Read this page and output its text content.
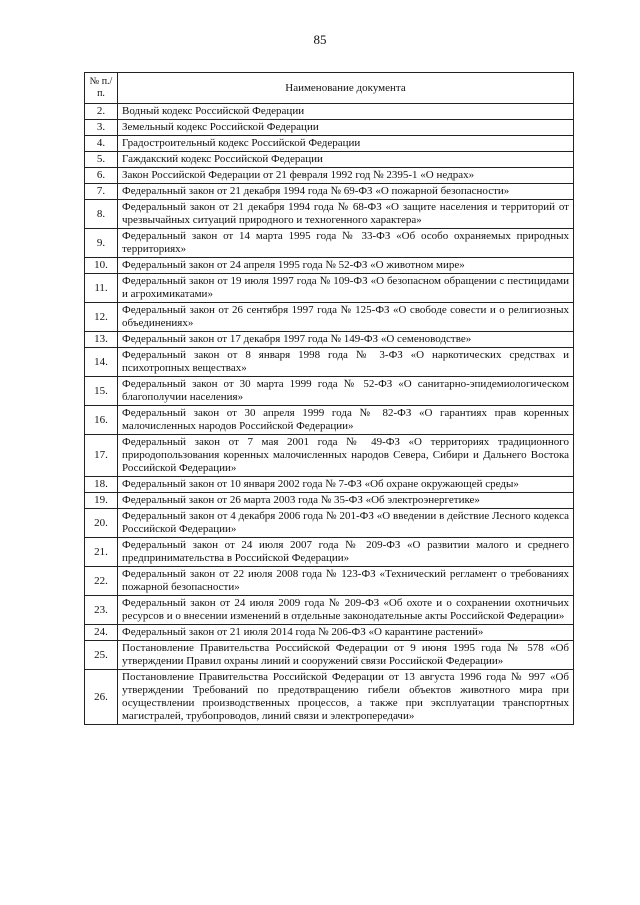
85
№ п./п.	Наименование документа
2.	Водный кодекс Российской Федерации
3.	Земельный кодекс Российской Федерации
4.	Градостроительный кодекс Российской Федерации
5.	Гаждакский кодекс Российской Федерации
6.	Закон Российской Федерации от 21 февраля 1992 год № 2395-1 «О недрах»
7.	Федеральный закон от 21 декабря 1994 года № 69-ФЗ «О пожарной безопасности»
8.	Федеральный закон от 21 декабря 1994 года № 68-ФЗ «О защите населения и территорий от чрезвычайных ситуаций природного и техногенного характера»
9.	Федеральный закон от 14 марта 1995 года № 33-ФЗ «Об особо охраняемых природных территориях»
10.	Федеральный закон от 24 апреля 1995 года № 52-ФЗ «О животном мире»
11.	Федеральный закон от 19 июля 1997 года № 109-ФЗ «О безопасном обращении с пестицидами и агрохимикатами»
12.	Федеральный закон от 26 сентября 1997 года № 125-ФЗ «О свободе совести и о религиозных объединениях»
13.	Федеральный закон от 17 декабря 1997 года № 149-ФЗ «О семеноводстве»
14.	Федеральный закон от 8 января 1998 года № 3-ФЗ «О наркотических средствах и психотропных веществах»
15.	Федеральный закон от 30 марта 1999 года № 52-ФЗ «О санитарно-эпидемиологическом благополучии населения»
16.	Федеральный закон от 30 апреля 1999 года № 82-ФЗ «О гарантиях прав коренных малочисленных народов Российской Федерации»
17.	Федеральный закон от 7 мая 2001 года № 49-ФЗ «О территориях традиционного природопользования коренных малочисленных народов Севера, Сибири и Дальнего Востока Российской Федерации»
18.	Федеральный закон от 10 января 2002 года № 7-ФЗ «Об охране окружающей среды»
19.	Федеральный закон от 26 марта 2003 года № 35-ФЗ «Об электроэнергетике»
20.	Федеральный закон от 4 декабря 2006 года № 201-ФЗ «О введении в действие Лесного кодекса Российской Федерации»
21.	Федеральный закон от 24 июля 2007 года № 209-ФЗ «О развитии малого и среднего предпринимательства в Российской Федерации»
22.	Федеральный закон от 22 июля 2008 года № 123-ФЗ «Технический регламент о требованиях пожарной безопасности»
23.	Федеральный закон от 24 июля 2009 года № 209-ФЗ «Об охоте и о сохранении охотничьих ресурсов и о внесении изменений в отдельные законодательные акты Российской Федерации»
24.	Федеральный закон от 21 июля 2014 года № 206-ФЗ «О карантине растений»
25.	Постановление Правительства Российской Федерации от 9 июня 1995 года № 578 «Об утверждении Правил охраны линий и сооружений связи Российской Федерации»
26.	Постановление Правительства Российской Федерации от 13 августа 1996 года № 997 «Об утверждении Требований по предотвращению гибели объектов животного мира при осуществлении производственных процессов, а также при эксплуатации транспортных магистралей, трубопроводов, линий связи и электропередачи»
